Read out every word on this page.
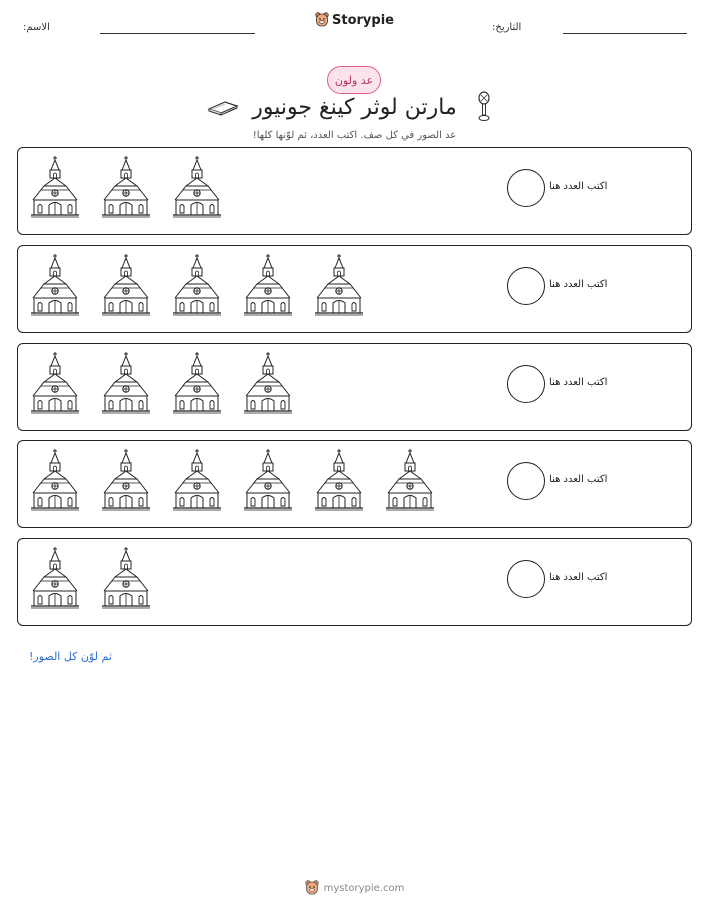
الاسم:	Storypie	التاريخ:
عد ولون
مارتن لوثر كينغ جونيور
عد الصور في كل صف. اكتب العدد، ثم لوّنها كلها!
اكتب العدد هنا
اكتب العدد هنا
اكتب العدد هنا
اكتب العدد هنا
اكتب العدد هنا
ثم لوّن كل الصور!
mystorypie.com
